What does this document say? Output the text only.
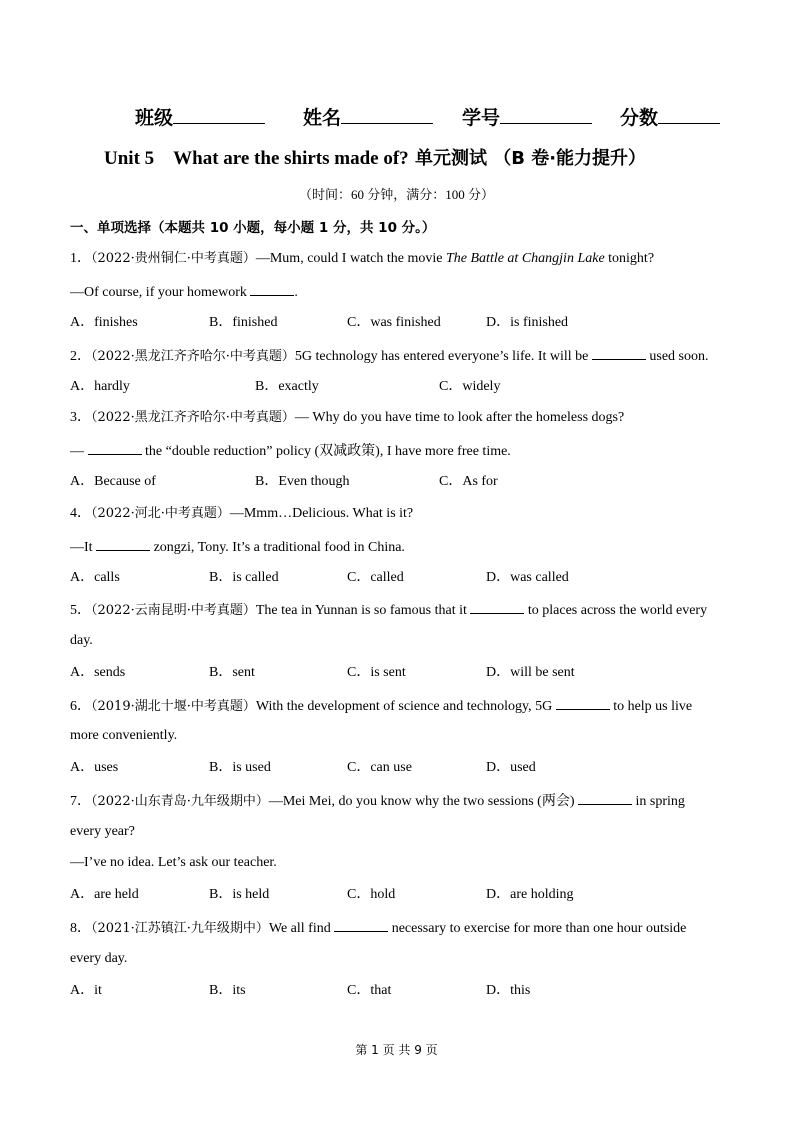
班级	姓名	学号	分数
Unit 5　What are the shirts made of? 单元测试 （B 卷·能力提升）
（时间：60 分钟，满分：100 分）
一、单项选择（本题共 10 小题，每小题 1 分，共 10 分。）
1．（2022·贵州铜仁·中考真题）—Mum, could I watch the movie The Battle at Changjin Lake tonight?
—Of course, if your homework	.
A．finishes	B．finished	C．was finished	D．is finished
2．（2022·黑龙江齐齐哈尔·中考真题）5G technology has entered everyone’s life. It will be	used soon.
A．hardly	B．exactly	C．widely
3．（2022·黑龙江齐齐哈尔·中考真题）— Why do you have time to look after the homeless dogs?
—	the “double reduction” policy (双减政策), I have more free time.
A．Because of	B．Even though	C．As for
4．（2022·河北·中考真题）—Mmm…Delicious. What is it?
—It	zongzi, Tony. It’s a traditional food in China.
A．calls	B．is called	C．called	D．was called
5．（2022·云南昆明·中考真题）The tea in Yunnan is so famous that it	to places across the world every
day.
A．sends	B．sent	C．is sent	D．will be sent
6．（2019·湖北十堰·中考真题）With the development of science and technology, 5G	to help us live
more conveniently.
A．uses	B．is used	C．can use	D．used
7．（2022·山东青岛·九年级期中）—Mei Mei, do you know why the two sessions (两会)	in spring
every year?
—I’ve no idea. Let’s ask our teacher.
A．are held	B．is held	C．hold	D．are holding
8．（2021·江苏镇江·九年级期中）We all find	necessary to exercise for more than one hour outside
every day.
A．it	B．its	C．that	D．this
第 1 页 共 9 页
